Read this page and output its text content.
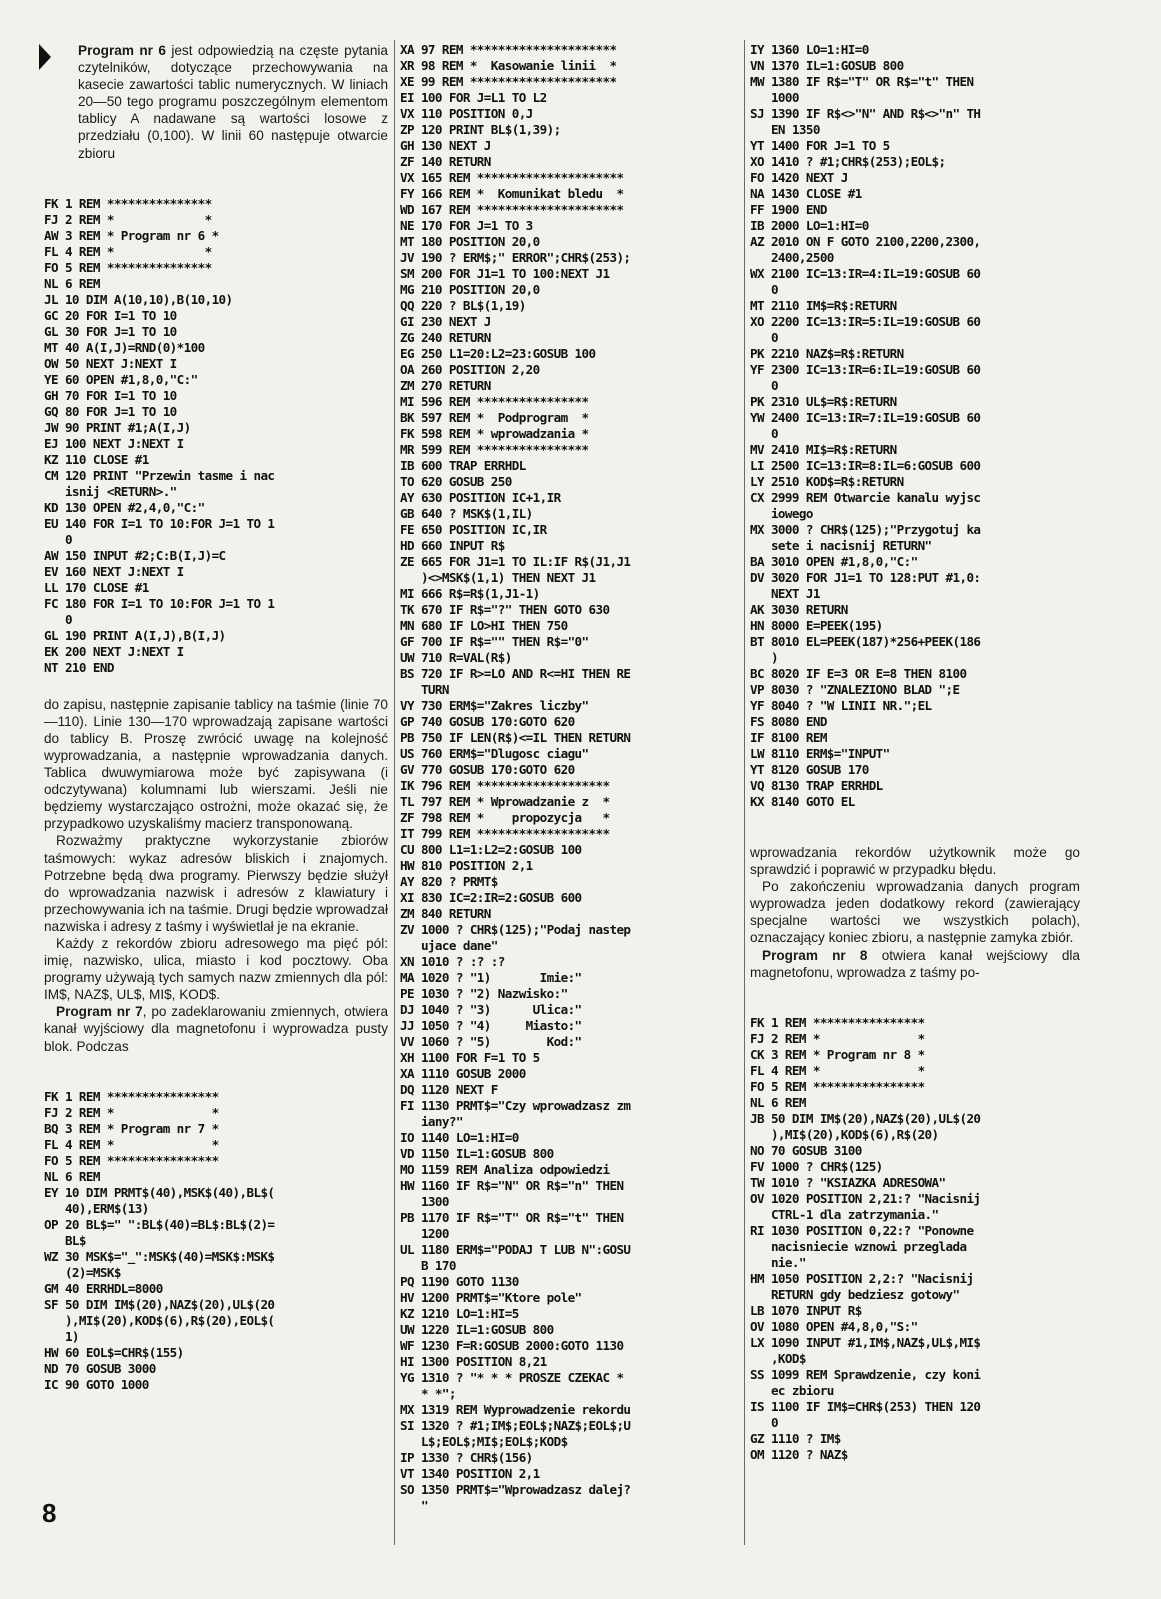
Program nr 6 jest odpowiedzią na częste pytania czytelników, dotyczące przechowywania na kasecie zawartości tablic numerycznych. W liniach 20—50 tego programu poszczególnym elementom tablicy A nadawane są wartości losowe z przedziału (0,100). W linii 60 następuje otwarcie zbioru
FK 1 REM ***************
FJ 2 REM *             *
AW 3 REM * Program nr 6 *
FL 4 REM *             *
FO 5 REM ***************
NL 6 REM
JL 10 DIM A(10,10),B(10,10)
GC 20 FOR I=1 TO 10
GL 30 FOR J=1 TO 10
MT 40 A(I,J)=RND(0)*100
OW 50 NEXT J:NEXT I
YE 60 OPEN #1,8,0,"C:"
GH 70 FOR I=1 TO 10
GQ 80 FOR J=1 TO 10
JW 90 PRINT #1;A(I,J)
EJ 100 NEXT J:NEXT I
KZ 110 CLOSE #1
CM 120 PRINT "Przewin tasme i nac
isnij <RETURN>."
KD 130 OPEN #2,4,0,"C:"
EU 140 FOR I=1 TO 10:FOR J=1 TO 1
0
AW 150 INPUT #2;C:B(I,J)=C
EV 160 NEXT J:NEXT I
LL 170 CLOSE #1
FC 180 FOR I=1 TO 10:FOR J=1 TO 1
0
GL 190 PRINT A(I,J),B(I,J)
EK 200 NEXT J:NEXT I
NT 210 END

do zapisu, następnie zapisanie tablicy na taśmie (linie 70—110). Linie 130—170 wprowadzają zapisane wartości do tablicy B. Proszę zwrócić uwagę na kolejność wyprowadzania, a następnie wprowadzania danych. Tablica dwuwymiarowa może być zapisywana (i odczytywana) kolumnami lub wierszami. Jeśli nie będziemy wystarczająco ostrożni, może okazać się, że przypadkowo uzyskaliśmy macierz transponowaną.

Rozważmy praktyczne wykorzystanie zbiorów taśmowych: wykaz adresów bliskich i znajomych. Potrzebne będą dwa programy. Pierwszy będzie służył do wprowadzania nazwisk i adresów z klawiatury i przechowywania ich na taśmie. Drugi będzie wprowadzał nazwiska i adresy z taśmy i wyświetlał je na ekranie.

Każdy z rekordów zbioru adresowego ma pięć pól: imię, nazwisko, ulica, miasto i kod pocztowy. Oba programy używają tych samych nazw zmiennych dla pól: IM$, NAZ$, UL$, MI$, KOD$.

Program nr 7, po zadeklarowaniu zmiennych, otwiera kanał wyjściowy dla magnetofonu i wyprowadza pusty blok. Podczas

FK 1 REM ****************
FJ 2 REM *              *
BQ 3 REM * Program nr 7 *
FL 4 REM *              *
FO 5 REM ****************
NL 6 REM
EY 10 DIM PRMT$(40),MSK$(40),BL$(
40),ERM$(13)
OP 20 BL$=" ":BL$(40)=BL$:BL$(2)=
BL$
WZ 30 MSK$="_":MSK$(40)=MSK$:MSK$
(2)=MSK$
GM 40 ERRHDL=8000
SF 50 DIM IM$(20),NAZ$(20),UL$(20
),MI$(20),KOD$(6),R$(20),EOL$(
1)
HW 60 EOL$=CHR$(155)
ND 70 GOSUB 3000
IC 90 GOTO 1000
XA 97 REM *********************
XR 98 REM *  Kasowanie linii  *
XE 99 REM *********************
EI 100 FOR J=L1 TO L2
VX 110 POSITION 0,J
ZP 120 PRINT BL$(1,39);
GH 130 NEXT J
ZF 140 RETURN
VX 165 REM *********************
FY 166 REM *  Komunikat bledu  *
WD 167 REM *********************
NE 170 FOR J=1 TO 3
MT 180 POSITION 20,0
JV 190 ? ERM$;" ERROR";CHR$(253);
SM 200 FOR J1=1 TO 100:NEXT J1
MG 210 POSITION 20,0
QQ 220 ? BL$(1,19)
GI 230 NEXT J
ZG 240 RETURN
EG 250 L1=20:L2=23:GOSUB 100
OA 260 POSITION 2,20
ZM 270 RETURN
MI 596 REM ****************
BK 597 REM *  Podprogram  *
FK 598 REM * wprowadzania *
MR 599 REM ****************
IB 600 TRAP ERRHDL
TO 620 GOSUB 250
AY 630 POSITION IC+1,IR
GB 640 ? MSK$(1,IL)
FE 650 POSITION IC,IR
HD 660 INPUT R$
ZE 665 FOR J1=1 TO IL:IF R$(J1,J1
)<>MSK$(1,1) THEN NEXT J1
MI 666 R$=R$(1,J1-1)
TK 670 IF R$="?" THEN GOTO 630
MN 680 IF LO>HI THEN 750
GF 700 IF R$="" THEN R$="0"
UW 710 R=VAL(R$)
BS 720 IF R>=LO AND R<=HI THEN RE
TURN
VY 730 ERM$="Zakres liczby"
GP 740 GOSUB 170:GOTO 620
PB 750 IF LEN(R$)<=IL THEN RETURN
US 760 ERM$="Dlugosc ciagu"
GV 770 GOSUB 170:GOTO 620
IK 796 REM *******************
TL 797 REM * Wprowadzanie z  *
ZF 798 REM *    propozycja   *
IT 799 REM *******************
CU 800 L1=1:L2=2:GOSUB 100
HW 810 POSITION 2,1
AY 820 ? PRMT$
XI 830 IC=2:IR=2:GOSUB 600
ZM 840 RETURN
ZV 1000 ? CHR$(125);"Podaj nastep
ujace dane"
XN 1010 ? :? :?
MA 1020 ? "1)       Imie:"
PE 1030 ? "2) Nazwisko:"
DJ 1040 ? "3)      Ulica:"
JJ 1050 ? "4)     Miasto:"
VV 1060 ? "5)        Kod:"
XH 1100 FOR F=1 TO 5
XA 1110 GOSUB 2000
DQ 1120 NEXT F
FI 1130 PRMT$="Czy wprowadzasz zm
iany?"
IO 1140 LO=1:HI=0
VD 1150 IL=1:GOSUB 800
MO 1159 REM Analiza odpowiedzi
HW 1160 IF R$="N" OR R$="n" THEN
1300
PB 1170 IF R$="T" OR R$="t" THEN
1200
UL 1180 ERM$="PODAJ T LUB N":GOSU
B 170
PQ 1190 GOTO 1130
HV 1200 PRMT$="Ktore pole"
KZ 1210 LO=1:HI=5
UW 1220 IL=1:GOSUB 800
WF 1230 F=R:GOSUB 2000:GOTO 1130
HI 1300 POSITION 8,21
YG 1310 ? "* * * PROSZE CZEKAC *
* *";
MX 1319 REM Wyprowadzenie rekordu
SI 1320 ? #1;IM$;EOL$;NAZ$;EOL$;U
L$;EOL$;MI$;EOL$;KOD$
IP 1330 ? CHR$(156)
VT 1340 POSITION 2,1
SO 1350 PRMT$="Wprowadzasz dalej?
"
IY 1360 LO=1:HI=0
VN 1370 IL=1:GOSUB 800
MW 1380 IF R$="T" OR R$="t" THEN
1000
SJ 1390 IF R$<>"N" AND R$<>"n" TH
EN 1350
YT 1400 FOR J=1 TO 5
XO 1410 ? #1;CHR$(253);EOL$;
FO 1420 NEXT J
NA 1430 CLOSE #1
FF 1900 END
IB 2000 LO=1:HI=0
AZ 2010 ON F GOTO 2100,2200,2300,
2400,2500
WX 2100 IC=13:IR=4:IL=19:GOSUB 60
0
MT 2110 IM$=R$:RETURN
XO 2200 IC=13:IR=5:IL=19:GOSUB 60
0
PK 2210 NAZ$=R$:RETURN
YF 2300 IC=13:IR=6:IL=19:GOSUB 60
0
PK 2310 UL$=R$:RETURN
YW 2400 IC=13:IR=7:IL=19:GOSUB 60
0
MV 2410 MI$=R$:RETURN
LI 2500 IC=13:IR=8:IL=6:GOSUB 600
LY 2510 KOD$=R$:RETURN
CX 2999 REM Otwarcie kanalu wyjsc
iowego
MX 3000 ? CHR$(125);"Przygotuj ka
sete i nacisnij RETURN"
BA 3010 OPEN #1,8,0,"C:"
DV 3020 FOR J1=1 TO 128:PUT #1,0:
NEXT J1
AK 3030 RETURN
HN 8000 E=PEEK(195)
BT 8010 EL=PEEK(187)*256+PEEK(186
)
BC 8020 IF E=3 OR E=8 THEN 8100
VP 8030 ? "ZNALEZIONO BLAD ";E
YF 8040 ? "W LINII NR.";EL
FS 8080 END
IF 8100 REM
LW 8110 ERM$="INPUT"
YT 8120 GOSUB 170
VQ 8130 TRAP ERRHDL
KX 8140 GOTO EL

wprowadzania rekordów użytkownik może go sprawdzić i poprawić w przypadku błędu.

Po zakończeniu wprowadzania danych program wyprowadza jeden dodatkowy rekord (zawierający specjalne wartości we wszystkich polach), oznaczający koniec zbioru, a następnie zamyka zbiór.

Program nr 8 otwiera kanał wejściowy dla magnetofonu, wprowadza z taśmy po-

FK 1 REM ****************
FJ 2 REM *              *
CK 3 REM * Program nr 8 *
FL 4 REM *              *
FO 5 REM ****************
NL 6 REM
JB 50 DIM IM$(20),NAZ$(20),UL$(20
),MI$(20),KOD$(6),R$(20)
NO 70 GOSUB 3100
FV 1000 ? CHR$(125)
TW 1010 ? "KSIAZKA ADRESOWA"
OV 1020 POSITION 2,21:? "Nacisnij
CTRL-1 dla zatrzymania."
RI 1030 POSITION 0,22:? "Ponowne
nacisniecie wznowi przeglada
nie."
HM 1050 POSITION 2,2:? "Nacisnij
RETURN gdy bedziesz gotowy"
LB 1070 INPUT R$
OV 1080 OPEN #4,8,0,"S:"
LX 1090 INPUT #1,IM$,NAZ$,UL$,MI$
,KOD$
SS 1099 REM Sprawdzenie, czy koni
ec zbioru
IS 1100 IF IM$=CHR$(253) THEN 120
0
GZ 1110 ? IM$
OM 1120 ? NAZ$
8
